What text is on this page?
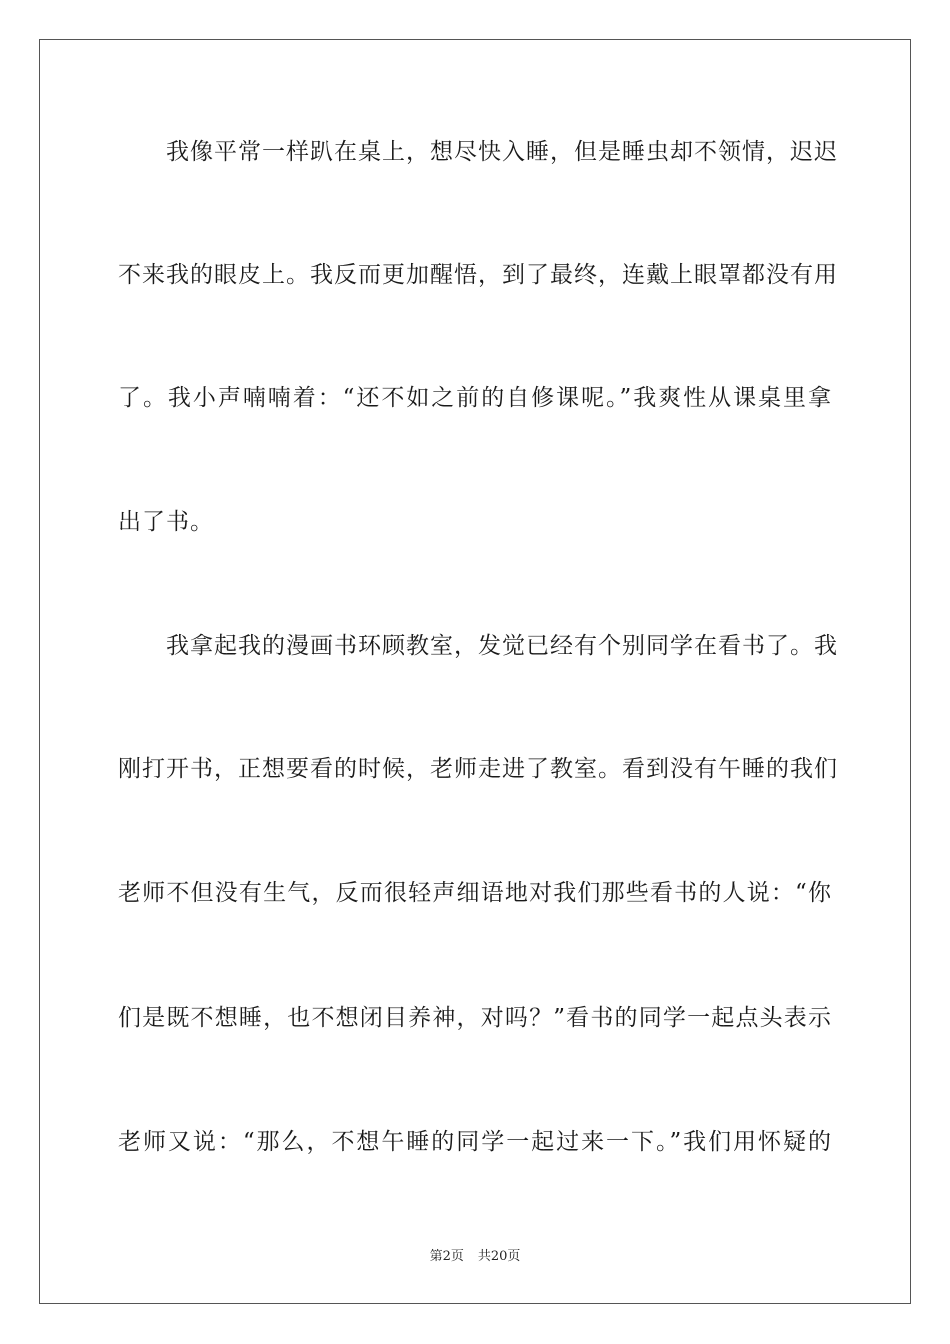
　　我像平常一样趴在桌上，想尽快入睡，但是睡虫却不领情，迟迟
不来我的眼皮上。我反而更加醒悟，到了最终，连戴上眼罩都没有用
了。我小声喃喃着：“还不如之前的自修课呢。”我爽性从课桌里拿
出了书。
　　我拿起我的漫画书环顾教室，发觉已经有个别同学在看书了。我
刚打开书，正想要看的时候，老师走进了教室。看到没有午睡的我们
老师不但没有生气，反而很轻声细语地对我们那些看书的人说：“你
们是既不想睡，也不想闭目养神，对吗？”看书的同学一起点头表示
老师又说：“那么，不想午睡的同学一起过来一下。”我们用怀疑的
第2页 共20页
